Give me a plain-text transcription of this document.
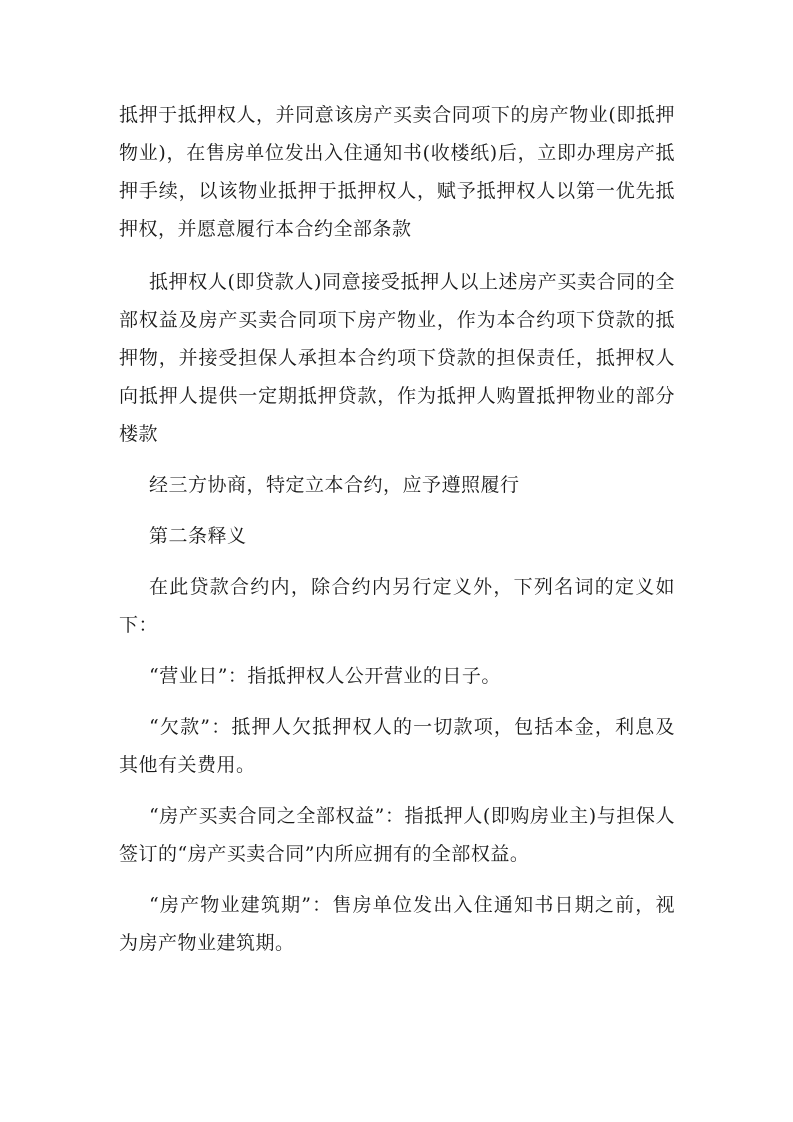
抵押于抵押权人，并同意该房产买卖合同项下的房产物业(即抵押物业)，在售房单位发出入住通知书(收楼纸)后，立即办理房产抵押手续，以该物业抵押于抵押权人，赋予抵押权人以第一优先抵押权，并愿意履行本合约全部条款

抵押权人(即贷款人)同意接受抵押人以上述房产买卖合同的全部权益及房产买卖合同项下房产物业，作为本合约项下贷款的抵押物，并接受担保人承担本合约项下贷款的担保责任，抵押权人向抵押人提供一定期抵押贷款，作为抵押人购置抵押物业的部分楼款

经三方协商，特定立本合约，应予遵照履行

第二条释义

在此贷款合约内，除合约内另行定义外，下列名词的定义如下：

“营业日”：指抵押权人公开营业的日子。

“欠款”：抵押人欠抵押权人的一切款项，包括本金，利息及其他有关费用。

“房产买卖合同之全部权益”：指抵押人(即购房业主)与担保人签订的“房产买卖合同”内所应拥有的全部权益。

“房产物业建筑期”：售房单位发出入住通知书日期之前，视为房产物业建筑期。
